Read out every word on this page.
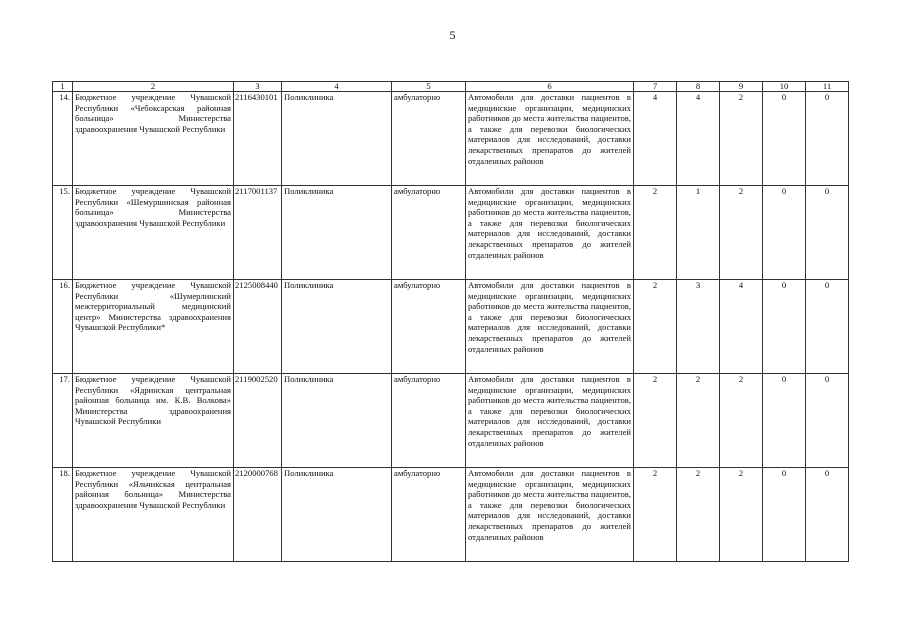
5
1	2	3	4	5	6	7	8	9	10	11
14.	Бюджетное учреждение Чувашской Республики «Чебоксарская районная больница» Министерства здравоохранения Чувашской Республики	2116430101	Поликлиника	амбулаторно	Автомобили для доставки пациентов в медицинские организации, медицинских работников до места жительства пациентов, а также для перевозки биологических материалов для исследований, доставки лекарственных препаратов до жителей отдаленных районов	4	4	2	0	0
15.	Бюджетное учреждение Чувашской Республики «Шемуршинская районная больница» Министерства здравоохранения Чувашской Республики	2117001137	Поликлиника	амбулаторно	Автомобили для доставки пациентов в медицинские организации, медицинских работников до места жительства пациентов, а также для перевозки биологических материалов для исследований, доставки лекарственных препаратов до жителей отдаленных районов	2	1	2	0	0
16.	Бюджетное учреждение Чувашской Республики «Шумерлинский межтерриториальный медицинский центр» Министерства здравоохранения Чувашской Республики*	2125008440	Поликлиника	амбулаторно	Автомобили для доставки пациентов в медицинские организации, медицинских работников до места жительства пациентов, а также для перевозки биологических материалов для исследований, доставки лекарственных препаратов до жителей отдаленных районов	2	3	4	0	0
17.	Бюджетное учреждение Чувашской Республики «Ядринская центральная районная больница им. К.В. Волкова» Министерства здравоохранения Чувашской Республики	2119002520	Поликлиника	амбулаторно	Автомобили для доставки пациентов в медицинские организации, медицинских работников до места жительства пациентов, а также для перевозки биологических материалов для исследований, доставки лекарственных препаратов до жителей отдаленных районов	2	2	2	0	0
18.	Бюджетное учреждение Чувашской Республики «Яльчикская центральная районная больница» Министерства здравоохранения Чувашской Республики	2120000768	Поликлиника	амбулаторно	Автомобили для доставки пациентов в медицинские организации, медицинских работников до места жительства пациентов, а также для перевозки биологических материалов для исследований, доставки лекарственных препаратов до жителей отдаленных районов	2	2	2	0	0
